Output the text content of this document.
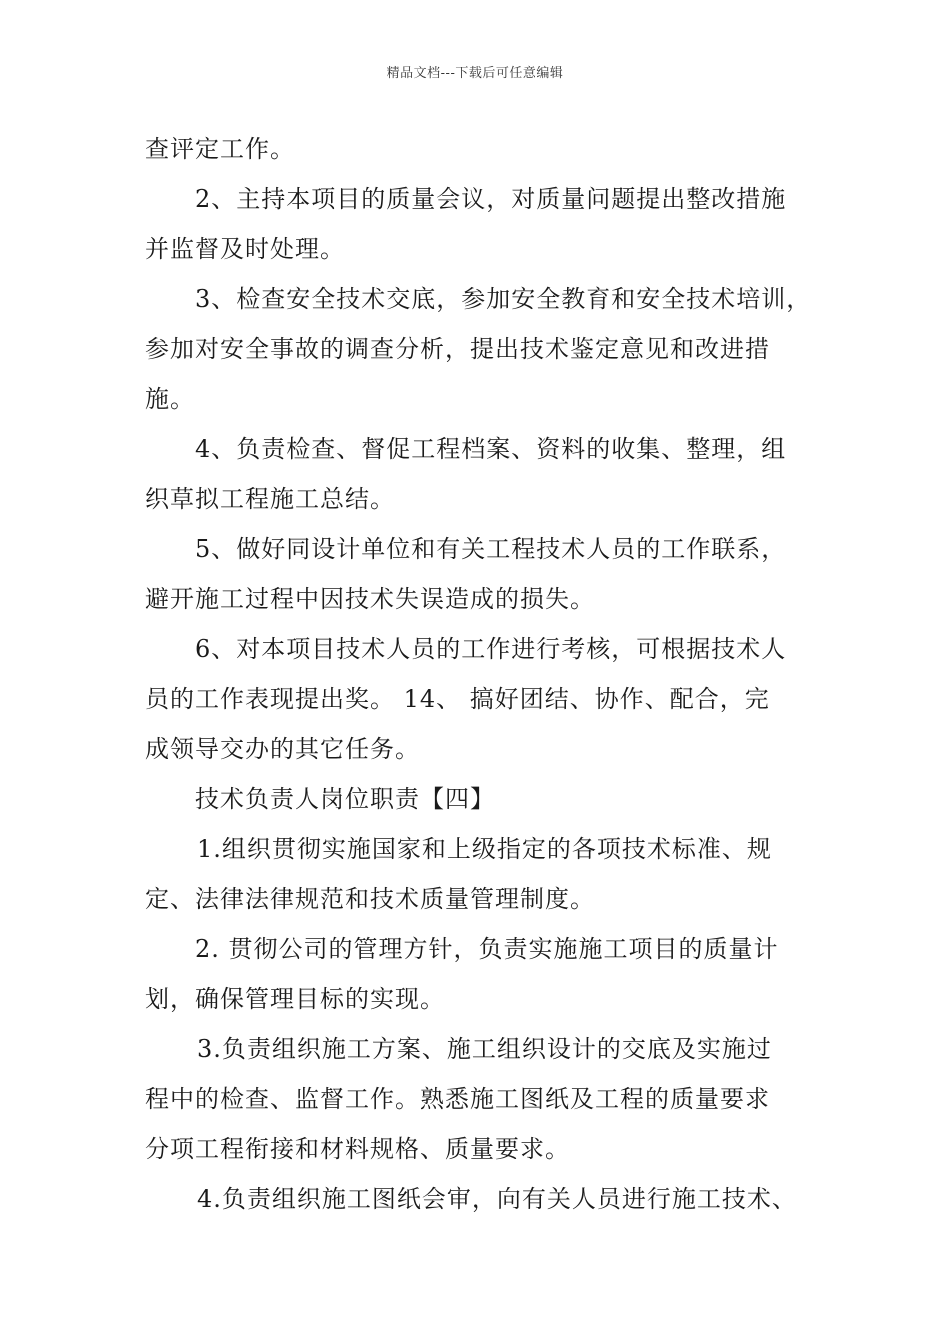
精品文档---下载后可任意编辑
查评定工作。
2、主持本项目的质量会议，对质量问题提出整改措施
并监督及时处理。
3、检查安全技术交底，参加安全教育和安全技术培训，
参加对安全事故的调查分析，提出技术鉴定意见和改进措
施。
4、负责检查、督促工程档案、资料的收集、整理，组
织草拟工程施工总结。
5、做好同设计单位和有关工程技术人员的工作联系，
避开施工过程中因技术失误造成的损失。
6、对本项目技术人员的工作进行考核，可根据技术人
员的工作表现提出奖。 14、 搞好团结、协作、配合，完
成领导交办的其它任务。
技术负责人岗位职责【四】
1.组织贯彻实施国家和上级指定的各项技术标准、规
定、法律法律规范和技术质量管理制度。
2. 贯彻公司的管理方针，负责实施施工项目的质量计
划，确保管理目标的实现。
3.负责组织施工方案、施工组织设计的交底及实施过
程中的检查、监督工作。熟悉施工图纸及工程的质量要求
分项工程衔接和材料规格、质量要求。
4.负责组织施工图纸会审，向有关人员进行施工技术、
